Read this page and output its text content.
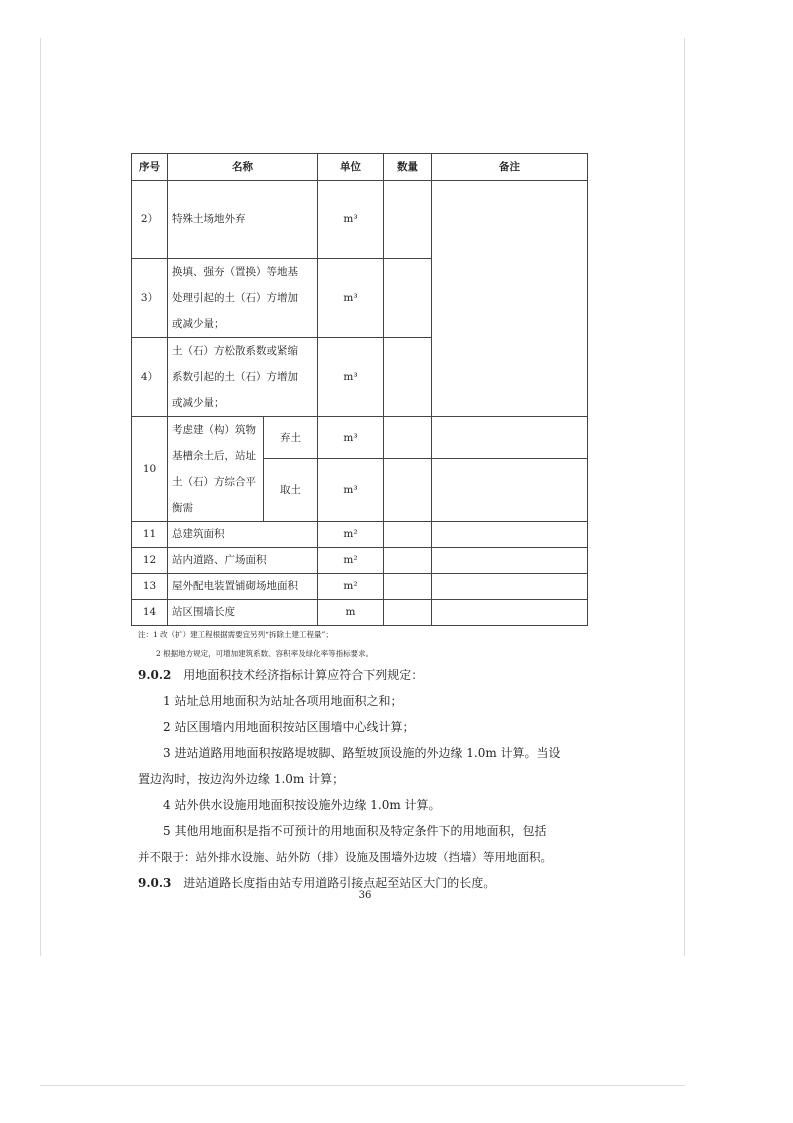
序号	名称		单位	数量	备注
2）	特殊土场地外弃		m³		
3）	换填、强夯（置换）等地基
处理引起的土（石）方增加
或减少量；		m³		
4）	土（石）方松散系数或紧缩
系数引起的土（石）方增加
或减少量；		m³		
10	考虑建（构）筑物
基槽余土后，站址
土（石）方综合平
衡需	弃土	m³		
		取土	m³		
11	总建筑面积		m²		
12	站内道路、广场面积		m²		
13	屋外配电装置铺砌场地面积		m²		
14	站区围墙长度		m		

注：1 改（扩）建工程根据需要宜另列“拆除土建工程量”；

2 根据地方规定，可增加建筑系数、容积率及绿化率等指标要求。

9.0.2 用地面积技术经济指标计算应符合下列规定：

1 站址总用地面积为站址各项用地面积之和；

2 站区围墙内用地面积按站区围墙中心线计算；

3 进站道路用地面积按路堤坡脚、路堑坡顶设施的外边缘 1.0m 计算。当设

置边沟时，按边沟外边缘 1.0m 计算；

4 站外供水设施用地面积按设施外边缘 1.0m 计算。

5 其他用地面积是指不可预计的用地面积及特定条件下的用地面积，包括

并不限于：站外排水设施、站外防（排）设施及围墙外边坡（挡墙）等用地面积。

9.0.3 进站道路长度指由站专用道路引接点起至站区大门的长度。

36
